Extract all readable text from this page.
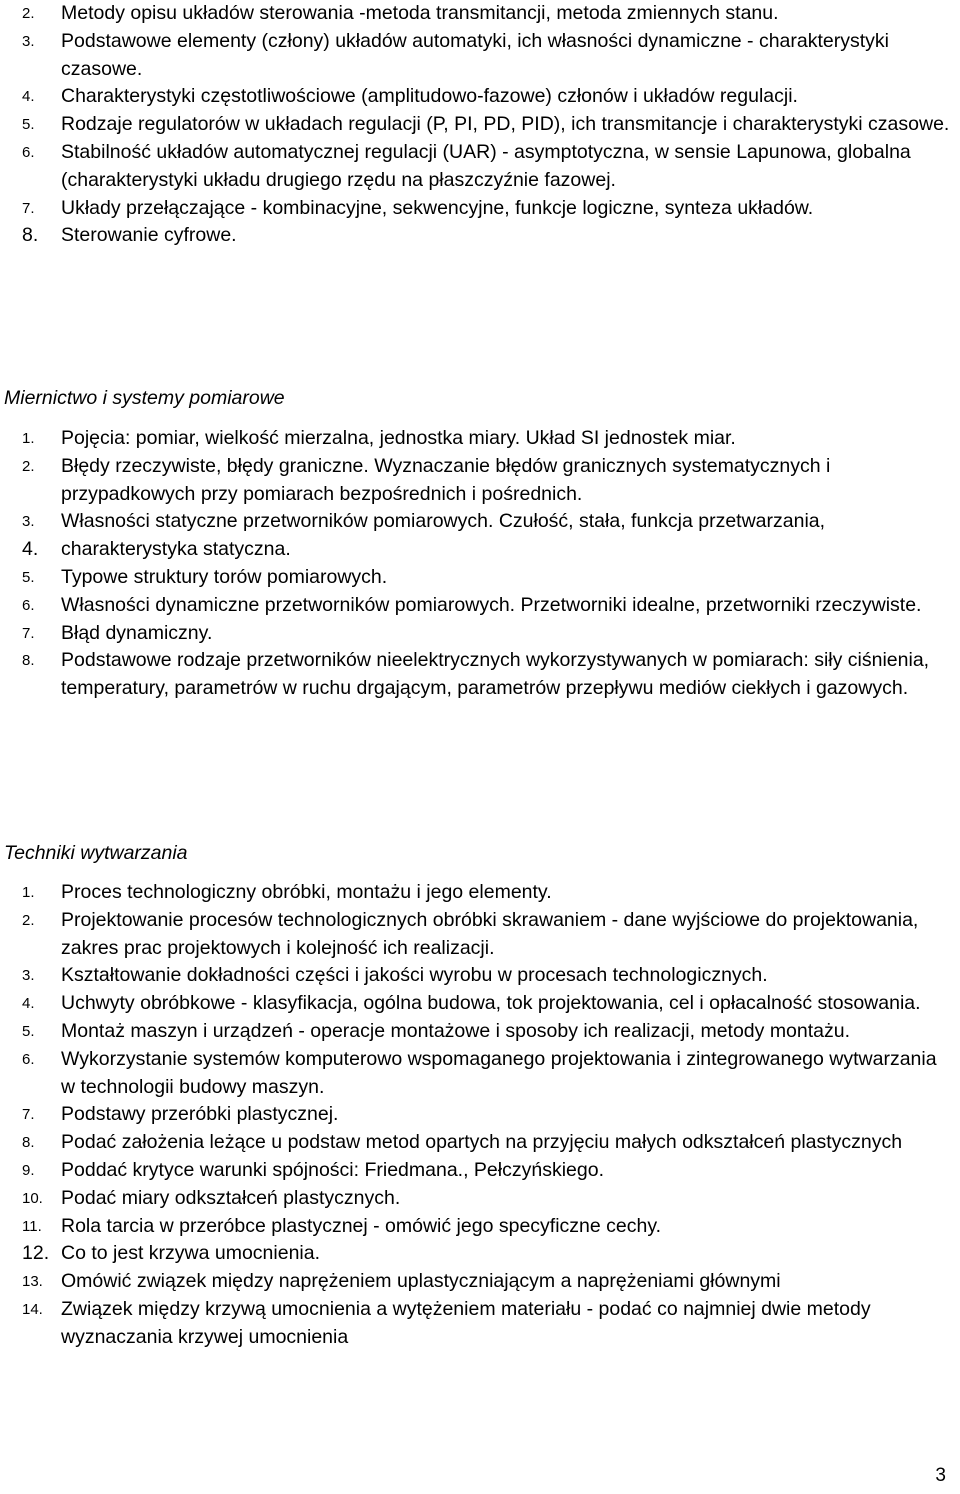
2. Metody opisu układów sterowania -metoda transmitancji, metoda zmiennych stanu.
3. Podstawowe elementy (człony) układów automatyki, ich własności dynamiczne - charakterystyki czasowe.
4. Charakterystyki częstotliwościowe (amplitudowo-fazowe) członów i układów regulacji.
5. Rodzaje regulatorów w układach regulacji (P, PI, PD, PID), ich transmitancje i charakterystyki czasowe.
6. Stabilność układów automatycznej regulacji (UAR) - asymptotyczna, w sensie Lapunowa, globalna (charakterystyki układu drugiego rzędu na płaszczyźnie fazowej.
7. Układy przełączające - kombinacyjne, sekwencyjne, funkcje logiczne, synteza układów.
8. Sterowanie cyfrowe.
Miernictwo i systemy pomiarowe
1. Pojęcia: pomiar, wielkość mierzalna, jednostka miary. Układ SI jednostek miar.
2. Błędy rzeczywiste, błędy graniczne. Wyznaczanie błędów granicznych systematycznych i przypadkowych przy pomiarach bezpośrednich i pośrednich.
3. Własności statyczne przetworników pomiarowych. Czułość, stała, funkcja przetwarzania,
4. charakterystyka statyczna.
5. Typowe struktury torów pomiarowych.
6. Własności dynamiczne przetworników pomiarowych. Przetworniki idealne, przetworniki rzeczywiste.
7. Błąd dynamiczny.
8. Podstawowe rodzaje przetworników nieelektrycznych wykorzystywanych w pomiarach: siły ciśnienia, temperatury, parametrów w ruchu drgającym, parametrów przepływu mediów ciekłych i gazowych.
Techniki wytwarzania
1. Proces technologiczny obróbki, montażu i jego elementy.
2. Projektowanie procesów technologicznych obróbki skrawaniem - dane wyjściowe do projektowania, zakres prac projektowych i kolejność ich realizacji.
3. Kształtowanie dokładności części i jakości wyrobu w procesach technologicznych.
4. Uchwyty obróbkowe - klasyfikacja, ogólna budowa, tok projektowania, cel i opłacalność stosowania.
5. Montaż maszyn i urządzeń - operacje montażowe i sposoby ich realizacji, metody montażu.
6. Wykorzystanie systemów komputerowo wspomaganego projektowania i zintegrowanego wytwarzania w technologii budowy maszyn.
7. Podstawy przeróbki plastycznej.
8. Podać założenia leżące u podstaw metod opartych na przyjęciu małych odkształceń plastycznych
9. Poddać krytyce warunki spójności: Friedmana., Pełczyńskiego.
10. Podać miary odkształceń plastycznych.
11. Rola tarcia w przeróbce plastycznej - omówić jego specyficzne cechy.
12. Co to jest krzywa umocnienia.
13. Omówić związek między naprężeniem uplastyczniającym a naprężeniami głównymi
14. Związek między krzywą umocnienia a wytężeniem materiału - podać co najmniej dwie metody wyznaczania krzywej umocnienia
3
